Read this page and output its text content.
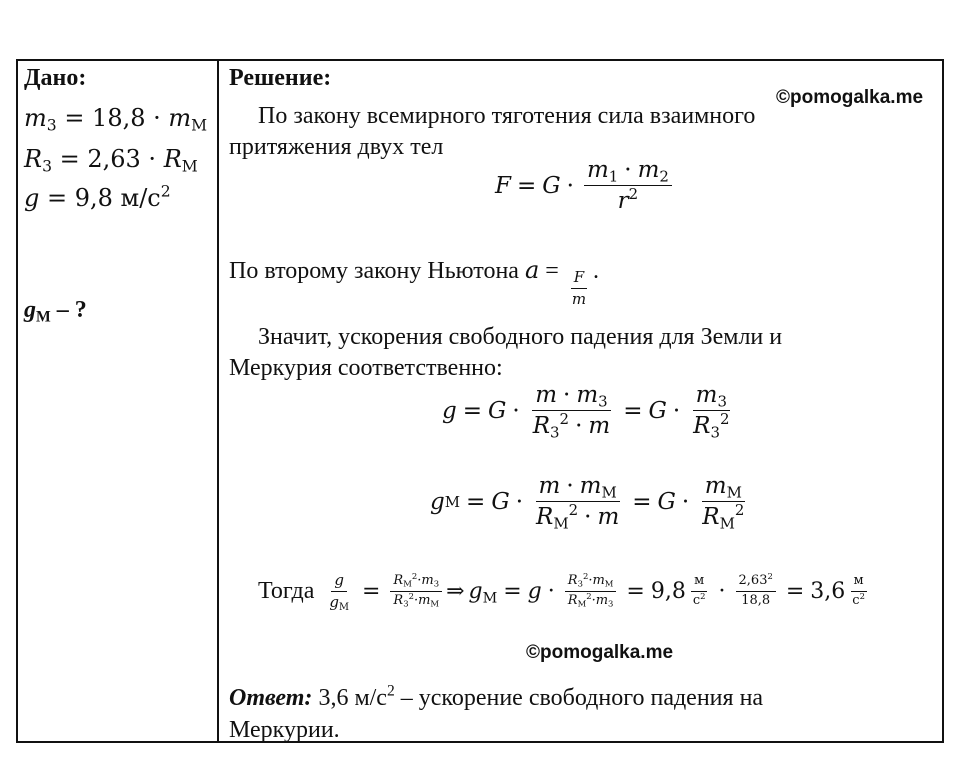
Дано:
$m_3 = 18,8 \cdot m_М$
$R_3 = 2,63 \cdot R_М$
g = 9,8 $м/с^2$
$g_М$ – ?
Решение:
©pomogalka.me
По закону всемирного тяготения сила взаимного
притяжения двух тел
$F = G \cdot \frac{m_1 \cdot m_2}{r^2}$
По второму закону Ньютона $a = \frac{F}{m}$ .
Значит, ускорения свободного падения для Земли и
Меркурия соответственно:
$g = G \cdot \frac{m \cdot m_3}{R_3^2 \cdot m} = G \cdot \frac{m_3}{R_3^2}$
g $М = G \cdot \frac{m \cdot m_М}{R_М^2 \cdot m} = G \cdot \frac{m_М}{R_М^2}$
Тогда $\frac{g}{g_М} = \frac{R_М^2\cdot m_3}{R_3^2\cdot m_М}$ ⇒ $g_М = g \cdot \frac{R_3^2\cdot m_М}{R_М^2\cdot m_3} = 9,8 \frac{м}{с^2} \cdot \frac{2,63^2}{18,8} = 3,6 \frac{м}{с^2}$
©pomogalka.me
Ответ: 3,6 $м/с^2$ – ускорение свободного падения на
Меркурии.
